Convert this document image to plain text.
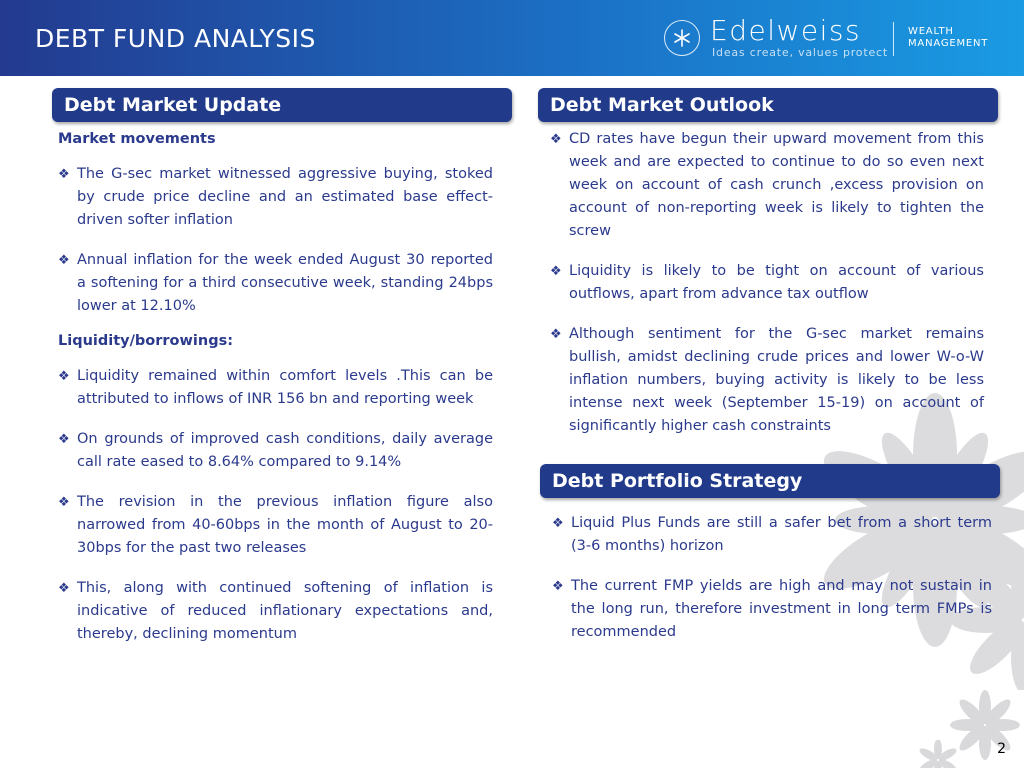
DEBT FUND ANALYSIS	Edelweiss
Ideas create, values protect
WEALTH
MANAGEMENT
Debt Market Update
Market movements
❖ The G-sec market witnessed aggressive buying, stoked by crude price decline and an estimated base effect-driven softer inflation
❖ Annual inflation for the week ended August 30 reported a softening for a third consecutive week, standing 24bps lower at 12.10%
Liquidity/borrowings:
❖ Liquidity remained within comfort levels .This can be attributed to inflows of INR 156 bn and reporting week
❖ On grounds of improved cash conditions, daily average call rate eased to 8.64% compared to 9.14%
❖ The revision in the previous inflation figure also narrowed from 40-60bps in the month of August to 20-30bps for the past two releases
❖ This, along with continued softening of inflation is indicative of reduced inflationary expectations and, thereby, declining momentum
Debt Market Outlook
❖ CD rates have begun their upward movement from this week and are expected to continue to do so even next week on account of cash crunch ,excess provision on account of non-reporting week is likely to tighten the screw
❖ Liquidity is likely to be tight on account of various outflows, apart from advance tax outflow
❖ Although sentiment for the G-sec market remains bullish, amidst declining crude prices and lower W-o-W inflation numbers, buying activity is likely to be less intense next week (September 15-19) on account of significantly higher cash constraints
Debt Portfolio Strategy
❖ Liquid Plus Funds are still a safer bet from a short term (3-6 months) horizon
❖ The current FMP yields are high and may not sustain in the long run, therefore investment in long term FMPs is recommended
2
